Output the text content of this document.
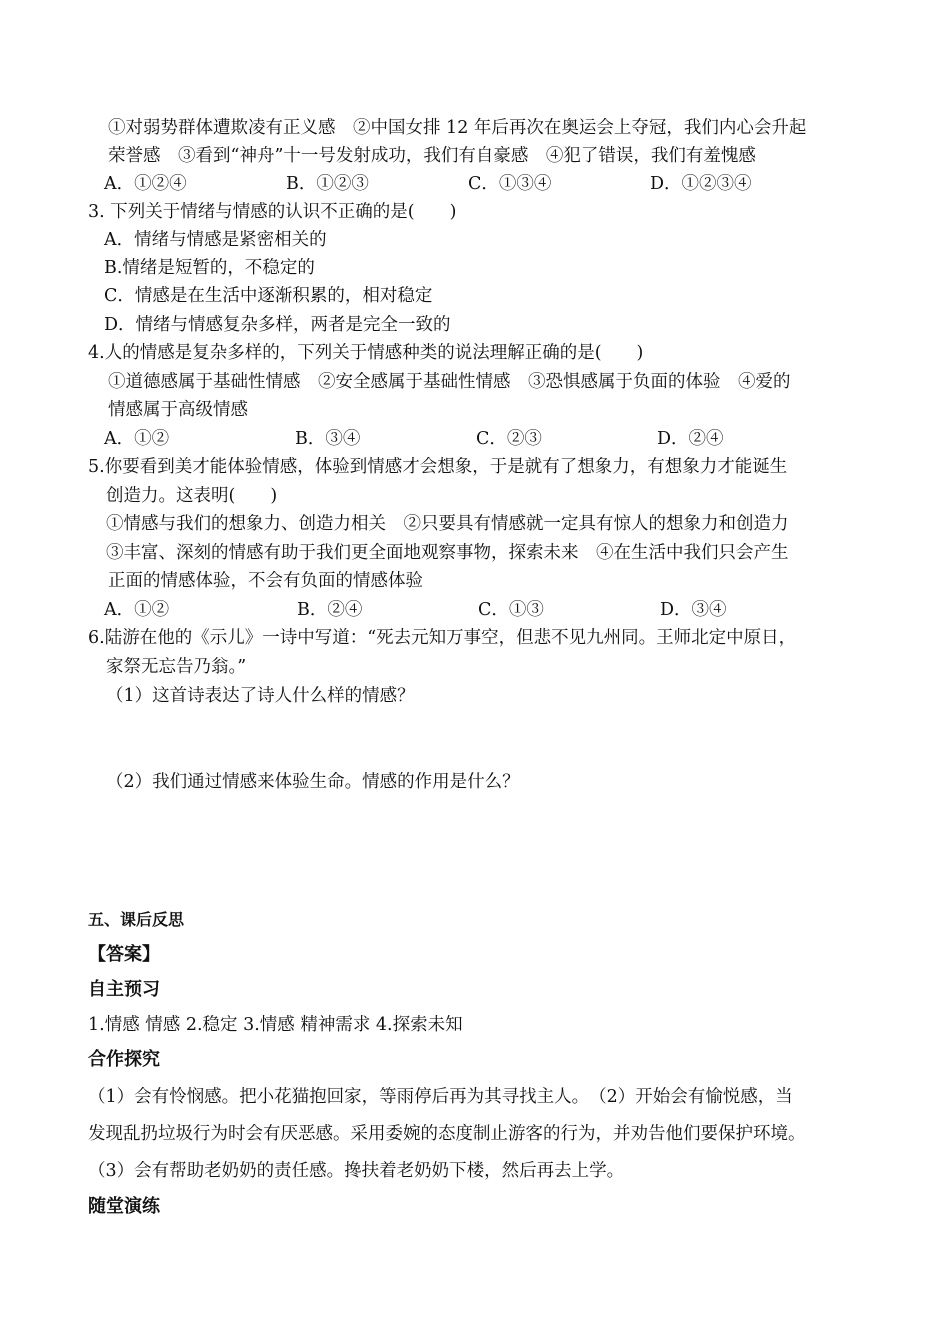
①对弱势群体遭欺凌有正义感　②中国女排 12 年后再次在奥运会上夺冠，我们内心会升起
荣誉感　③看到“神舟”十一号发射成功，我们有自豪感　④犯了错误，我们有羞愧感
A．①②④	B．①②③	C．①③④	D．①②③④
3. 下列关于情绪与情感的认识不正确的是(　　)
A．情绪与情感是紧密相关的
B.情绪是短暂的，不稳定的
C．情感是在生活中逐渐积累的，相对稳定
D．情绪与情感复杂多样，两者是完全一致的
4.人的情感是复杂多样的，下列关于情感种类的说法理解正确的是(　　)
①道德感属于基础性情感　②安全感属于基础性情感　③恐惧感属于负面的体验　④爱的
情感属于高级情感
A．①②	B．③④	C．②③	D．②④
5.你要看到美才能体验情感，体验到情感才会想象，于是就有了想象力，有想象力才能诞生
创造力。这表明(　　)
①情感与我们的想象力、创造力相关　②只要具有情感就一定具有惊人的想象力和创造力
③丰富、深刻的情感有助于我们更全面地观察事物，探索未来　④在生活中我们只会产生
正面的情感体验，不会有负面的情感体验
A．①②	B．②④	C．①③	D．③④
6.陆游在他的《示儿》一诗中写道：“死去元知万事空，但悲不见九州同。王师北定中原日，
家祭无忘告乃翁。”
（1）这首诗表达了诗人什么样的情感？
（2）我们通过情感来体验生命。情感的作用是什么？
五、课后反思
【答案】
自主预习
1.情感 情感 2.稳定 3.情感 精神需求 4.探索未知
合作探究
（1）会有怜悯感。把小花猫抱回家，等雨停后再为其寻找主人。　（2）开始会有愉悦感，当
发现乱扔垃圾行为时会有厌恶感。采用委婉的态度制止游客的行为，并劝告他们要保护环境。
（3）会有帮助老奶奶的责任感。搀扶着老奶奶下楼，然后再去上学。
随堂演练
